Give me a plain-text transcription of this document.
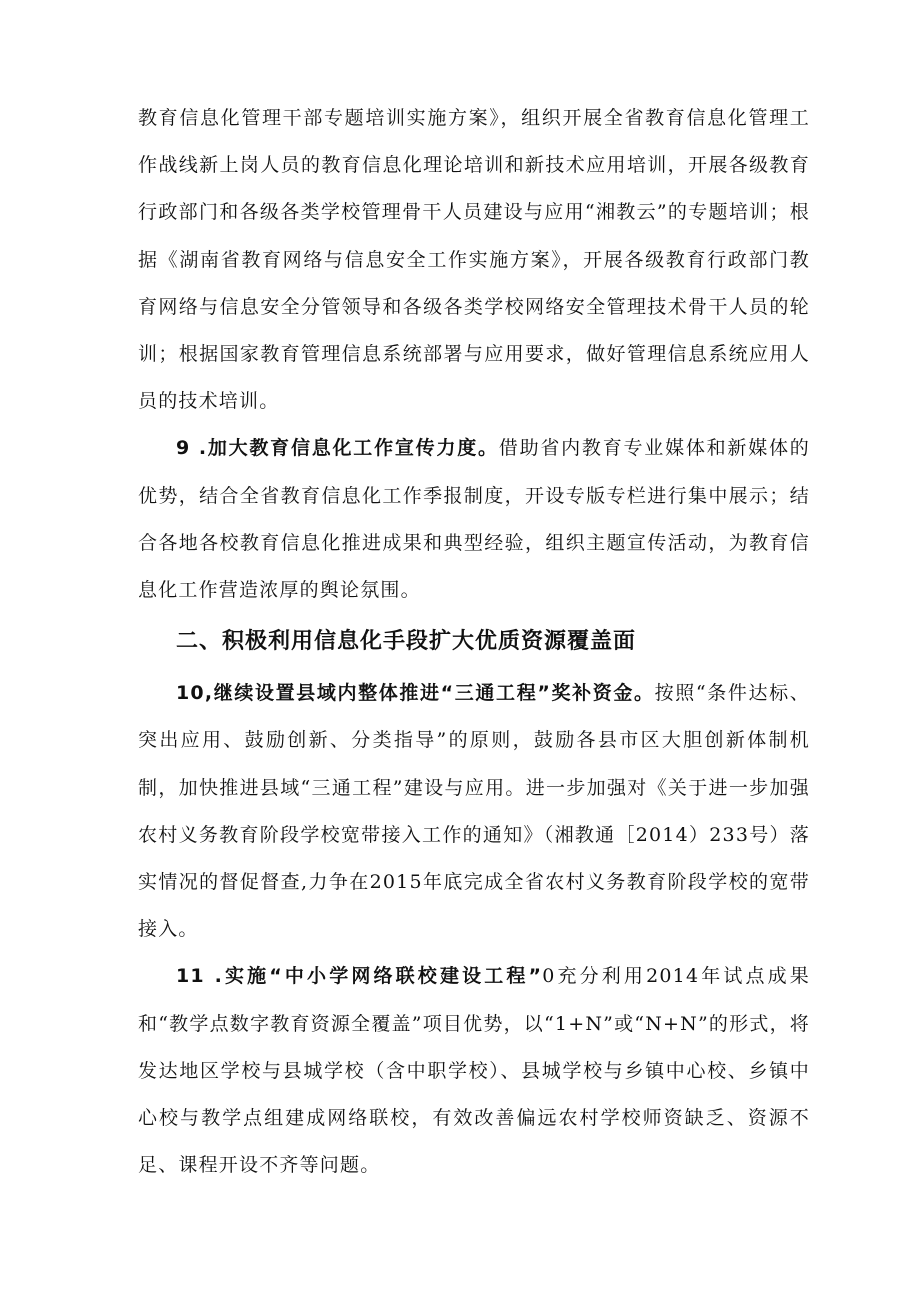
教育信息化管理干部专题培训实施方案》，组织开展全省教育信息化管理工作战线新上岗人员的教育信息化理论培训和新技术应用培训，开展各级教育行政部门和各级各类学校管理骨干人员建设与应用“湘教云”的专题培训；根据《湖南省教育网络与信息安全工作实施方案》，开展各级教育行政部门教育网络与信息安全分管领导和各级各类学校网络安全管理技术骨干人员的轮训；根据国家教育管理信息系统部署与应用要求，做好管理信息系统应用人员的技术培训。

9 .加大教育信息化工作宣传力度。借助省内教育专业媒体和新媒体的优势，结合全省教育信息化工作季报制度，开设专版专栏进行集中展示；结合各地各校教育信息化推进成果和典型经验，组织主题宣传活动，为教育信息化工作营造浓厚的舆论氛围。

二、积极利用信息化手段扩大优质资源覆盖面

10,继续设置县域内整体推进“三通工程”奖补资金。按照“条件达标、突出应用、鼓励创新、分类指导”的原则，鼓励各县市区大胆创新体制机制，加快推进县域“三通工程”建设与应用。进一步加强对《关于进一步加强农村义务教育阶段学校宽带接入工作的通知》（湘教通［2014）233号）落实情况的督促督查,力争在2015年底完成全省农村义务教育阶段学校的宽带接入。

11 .实施“中小学网络联校建设工程”0充分利用2014年试点成果和“教学点数字教育资源全覆盖”项目优势，以“1+N”或“N+N”的形式，将发达地区学校与县城学校（含中职学校）、县城学校与乡镇中心校、乡镇中心校与教学点组建成网络联校，有效改善偏远农村学校师资缺乏、资源不足、课程开设不齐等问题。
